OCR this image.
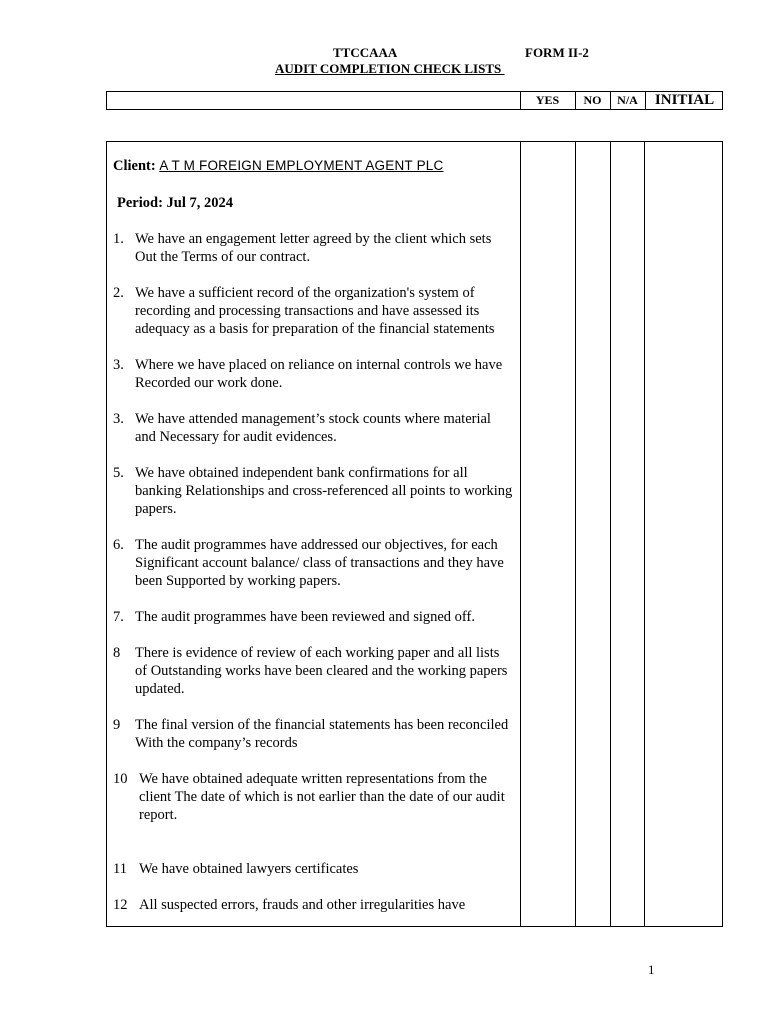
TTCCAAA	FORM II-2
AUDIT COMPLETION CHECK LISTS
YES	NO	N/A	INITIAL
Client: A T M FOREIGN EMPLOYMENT AGENT PLC
Period: Jul 7, 2024
1. We have an engagement letter agreed by the client which sets Out the Terms of our contract.
2. We have a sufficient record of the organization's system of recording and processing transactions and have assessed its adequacy as a basis for preparation of the financial statements
3. Where we have placed on reliance on internal controls we have Recorded our work done.
3. We have attended management’s stock counts where material and Necessary for audit evidences.
5. We have obtained independent bank confirmations for all banking Relationships and cross-referenced all points to working papers.
6. The audit programmes have addressed our objectives, for each Significant account balance/ class of transactions and they have been Supported by working papers.
7. The audit programmes have been reviewed and signed off.
8	There is evidence of review of each working paper and all lists of Outstanding works have been cleared and the working papers updated.
9	The final version of the financial statements has been reconciled With the company’s records
10 We have obtained adequate written representations from the client The date of which is not earlier than the date of our audit report.
11 We have obtained lawyers certificates
12 All suspected errors, frauds and other irregularities have
1
